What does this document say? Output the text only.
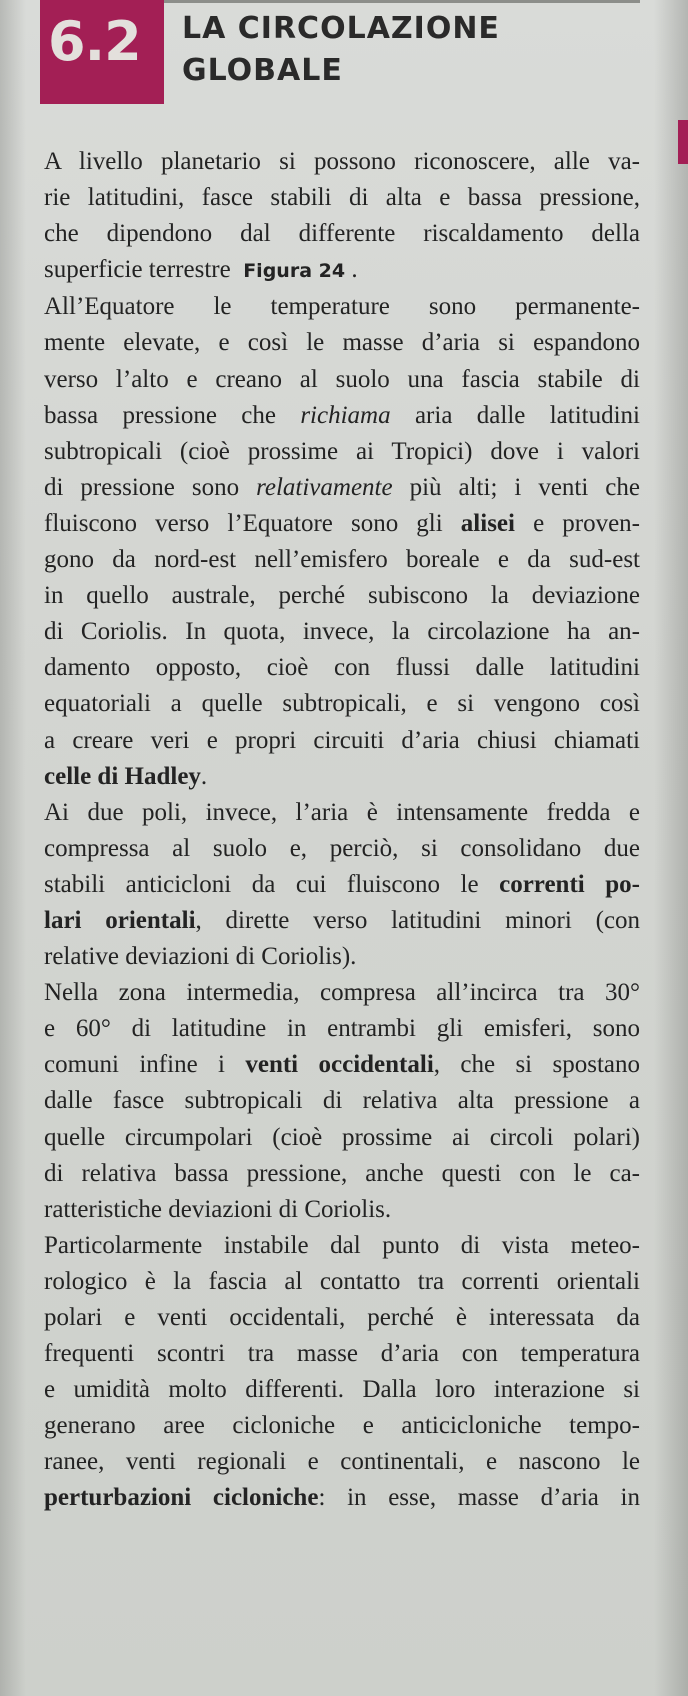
6.2 LA CIRCOLAZIONE
GLOBALE

A livello planetario si possono riconoscere, alle va-
rie latitudini, fasce stabili di alta e bassa pressione,
che dipendono dal differente riscaldamento della
superficie terrestre Figura 24 .

All’Equatore le temperature sono permanente-
mente elevate, e così le masse d’aria si espandono
verso l’alto e creano al suolo una fascia stabile di
bassa pressione che richiama aria dalle latitudini
subtropicali (cioè prossime ai Tropici) dove i valori
di pressione sono relativamente più alti; i venti che
fluiscono verso l’Equatore sono gli alisei e proven-
gono da nord-est nell’emisfero boreale e da sud-est
in quello australe, perché subiscono la deviazione
di Coriolis. In quota, invece, la circolazione ha an-
damento opposto, cioè con flussi dalle latitudini
equatoriali a quelle subtropicali, e si vengono così
a creare veri e propri circuiti d’aria chiusi chiamati
celle di Hadley.

Ai due poli, invece, l’aria è intensamente fredda e
compressa al suolo e, perciò, si consolidano due
stabili anticicloni da cui fluiscono le correnti po-
lari orientali, dirette verso latitudini minori (con
relative deviazioni di Coriolis).

Nella zona intermedia, compresa all’incirca tra 30°
e 60° di latitudine in entrambi gli emisferi, sono
comuni infine i venti occidentali, che si spostano
dalle fasce subtropicali di relativa alta pressione a
quelle circumpolari (cioè prossime ai circoli polari)
di relativa bassa pressione, anche questi con le ca-
ratteristiche deviazioni di Coriolis.

Particolarmente instabile dal punto di vista meteo-
rologico è la fascia al contatto tra correnti orientali
polari e venti occidentali, perché è interessata da
frequenti scontri tra masse d’aria con temperatura
e umidità molto differenti. Dalla loro interazione si
generano aree cicloniche e anticicloniche tempo-
ranee, venti regionali e continentali, e nascono le
perturbazioni cicloniche: in esse, masse d’aria in
